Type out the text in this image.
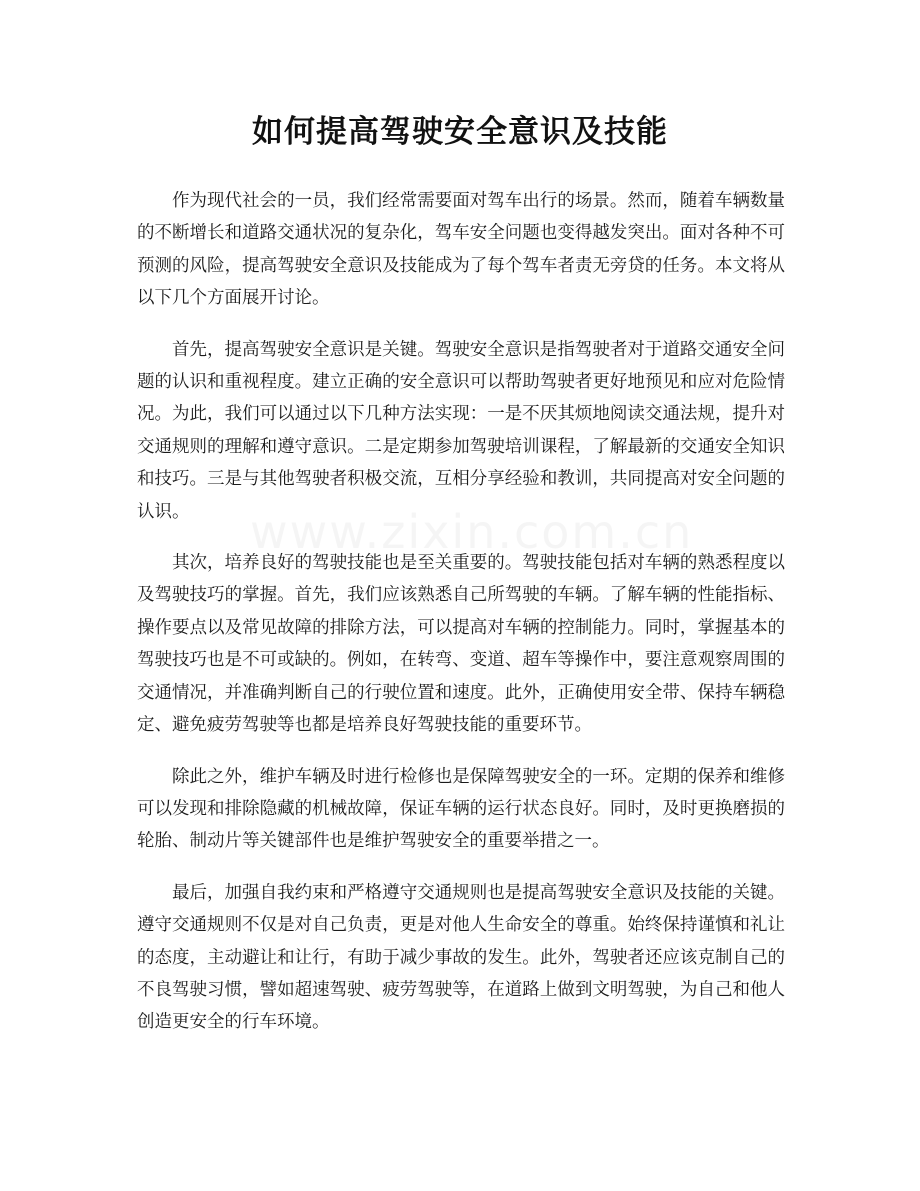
如何提高驾驶安全意识及技能
www.zixin.com.cn

作为现代社会的一员，我们经常需要面对驾车出行的场景。然而，随着车辆数量的不断增长和道路交通状况的复杂化，驾车安全问题也变得越发突出。面对各种不可预测的风险，提高驾驶安全意识及技能成为了每个驾车者责无旁贷的任务。本文将从以下几个方面展开讨论。

首先，提高驾驶安全意识是关键。驾驶安全意识是指驾驶者对于道路交通安全问题的认识和重视程度。建立正确的安全意识可以帮助驾驶者更好地预见和应对危险情况。为此，我们可以通过以下几种方法实现：一是不厌其烦地阅读交通法规，提升对交通规则的理解和遵守意识。二是定期参加驾驶培训课程，了解最新的交通安全知识和技巧。三是与其他驾驶者积极交流，互相分享经验和教训，共同提高对安全问题的认识。

其次，培养良好的驾驶技能也是至关重要的。驾驶技能包括对车辆的熟悉程度以及驾驶技巧的掌握。首先，我们应该熟悉自己所驾驶的车辆。了解车辆的性能指标、操作要点以及常见故障的排除方法，可以提高对车辆的控制能力。同时，掌握基本的驾驶技巧也是不可或缺的。例如，在转弯、变道、超车等操作中，要注意观察周围的交通情况，并准确判断自己的行驶位置和速度。此外，正确使用安全带、保持车辆稳定、避免疲劳驾驶等也都是培养良好驾驶技能的重要环节。

除此之外，维护车辆及时进行检修也是保障驾驶安全的一环。定期的保养和维修可以发现和排除隐藏的机械故障，保证车辆的运行状态良好。同时，及时更换磨损的轮胎、制动片等关键部件也是维护驾驶安全的重要举措之一。

最后，加强自我约束和严格遵守交通规则也是提高驾驶安全意识及技能的关键。遵守交通规则不仅是对自己负责，更是对他人生命安全的尊重。始终保持谨慎和礼让的态度，主动避让和让行，有助于减少事故的发生。此外，驾驶者还应该克制自己的不良驾驶习惯，譬如超速驾驶、疲劳驾驶等，在道路上做到文明驾驶，为自己和他人创造更安全的行车环境。
